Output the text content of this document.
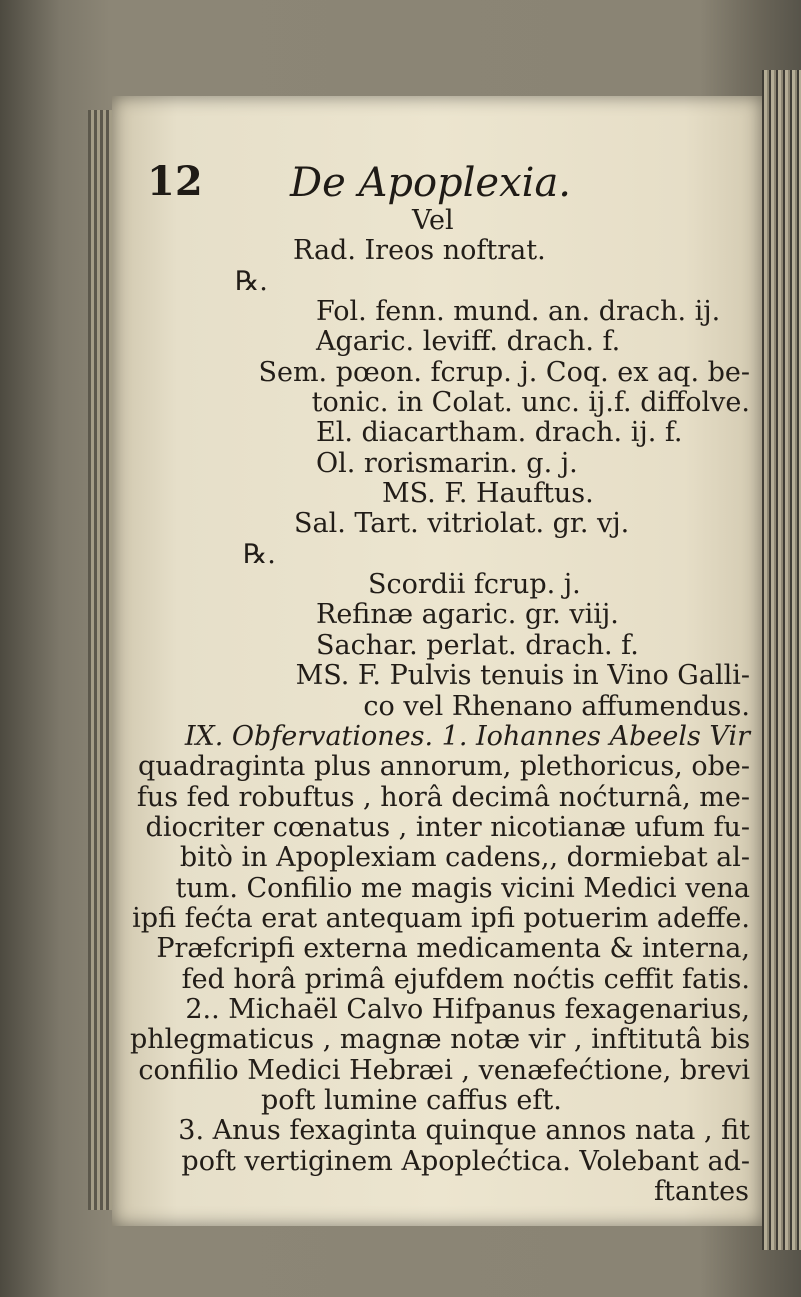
12 De Apoplexia.
Vel
℞.
Rad. Ireos noftrat.
Fol. fenn. mund. an. drach. ij.
Agaric. leviff. drach. f.
Sem. pœon. fcrup. j. Coq. ex aq. be-
tonic. in Colat. unc. ij.f. diffolve.
El. diacartham. drach. ij. f.
Ol. rorismarin. g. j.
MS. F. Hauftus.
℞.
Sal. Tart. vitriolat. gr. vj.
Scordii fcrup. j.
Refinæ agaric. gr. viij.
Sachar. perlat. drach. f.
MS. F. Pulvis tenuis in Vino Galli-
co vel Rhenano affumendus.
IX. Obfervationes. 1. Iohannes Abeels Vir
quadraginta plus annorum, plethoricus, obe-
fus fed robuftus , horâ decimâ noćturnâ, me-
diocriter cœnatus , inter nicotianæ ufum fu-
bitò in Apoplexiam cadens,, dormiebat al-
tum. Confilio me magis vicini Medici vena
ipfi fećta erat antequam ipfi potuerim adeffe.
Præfcripfi externa medicamenta & interna,
fed horâ primâ ejufdem noćtis ceffit fatis.
2.. Michaël Calvo Hifpanus fexagenarius,
phlegmaticus , magnæ notæ vir , inftitutâ bis
confilio Medici Hebræi , venæfećtione, brevi
poft lumine caffus eft.
3. Anus fexaginta quinque annos nata , fit
poft vertiginem Apoplećtica. Volebant ad-
ftantes
